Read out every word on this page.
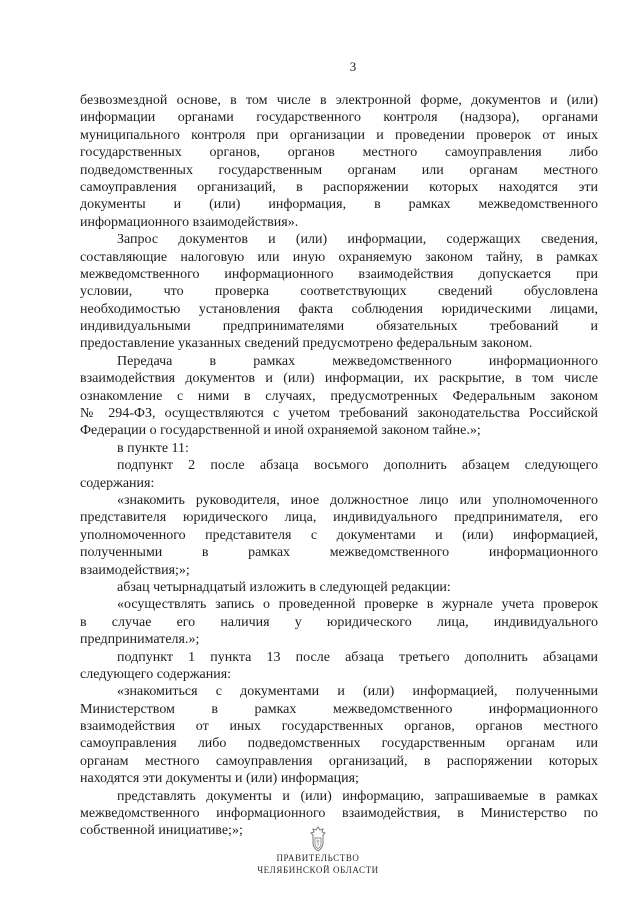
3
безвозмездной основе, в том числе в электронной форме, документов и (или)
информации органами государственного контроля (надзора), органами
муниципального контроля при организации и проведении проверок от иных
государственных органов, органов местного самоуправления либо
подведомственных государственным органам или органам местного
самоуправления организаций, в распоряжении которых находятся эти
документы и (или) информация, в рамках межведомственного
информационного взаимодействия».
Запрос документов и (или) информации, содержащих сведения,
составляющие налоговую или иную охраняемую законом тайну, в рамках
межведомственного информационного взаимодействия допускается при
условии, что проверка соответствующих сведений обусловлена
необходимостью установления факта соблюдения юридическими лицами,
индивидуальными предпринимателями обязательных требований и
предоставление указанных сведений предусмотрено федеральным законом.
Передача в рамках межведомственного информационного
взаимодействия документов и (или) информации, их раскрытие, в том числе
ознакомление с ними в случаях, предусмотренных Федеральным законом
№ 294-ФЗ, осуществляются с учетом требований законодательства Российской
Федерации о государственной и иной охраняемой законом тайне.»;
в пункте 11:
подпункт 2 после абзаца восьмого дополнить абзацем следующего
содержания:
«знакомить руководителя, иное должностное лицо или уполномоченного
представителя юридического лица, индивидуального предпринимателя, его
уполномоченного представителя с документами и (или) информацией,
полученными в рамках межведомственного информационного
взаимодействия;»;
абзац четырнадцатый изложить в следующей редакции:
«осуществлять запись о проведенной проверке в журнале учета проверок
в случае его наличия у юридического лица, индивидуального
предпринимателя.»;
подпункт 1 пункта 13 после абзаца третьего дополнить абзацами
следующего содержания:
«знакомиться с документами и (или) информацией, полученными
Министерством в рамках межведомственного информационного
взаимодействия от иных государственных органов, органов местного
самоуправления либо подведомственных государственным органам или
органам местного самоуправления организаций, в распоряжении которых
находятся эти документы и (или) информация;
представлять документы и (или) информацию, запрашиваемые в рамках
межведомственного информационного взаимодействия, в Министерство по
собственной инициативе;»;
ПРАВИТЕЛЬСТВО
ЧЕЛЯБИНСКОЙ ОБЛАСТИ
